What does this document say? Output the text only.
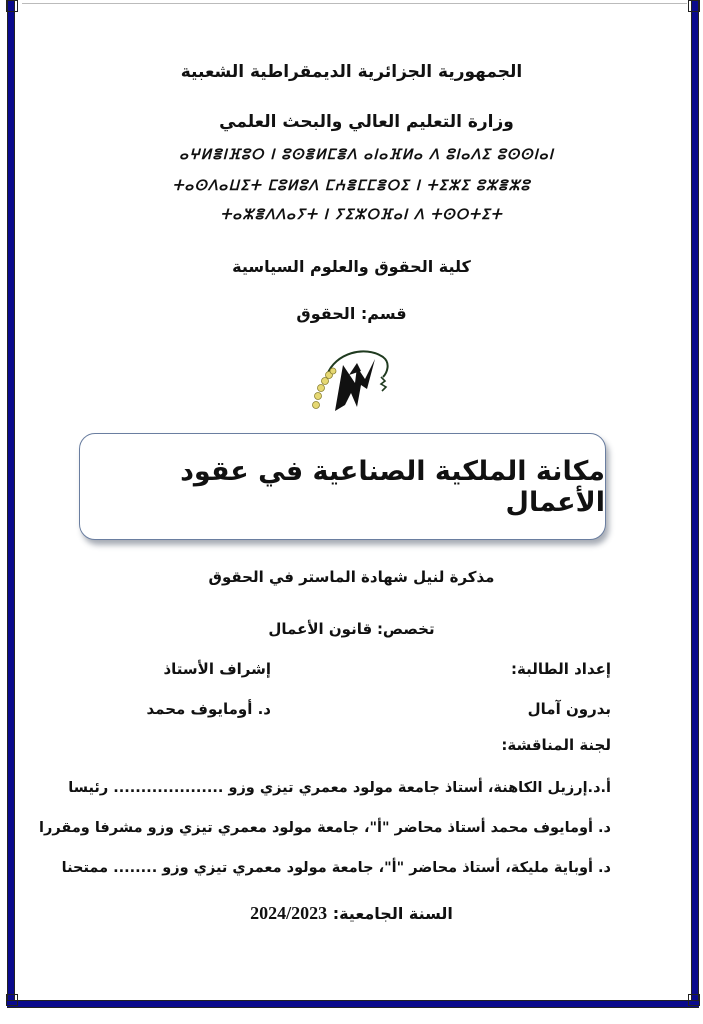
الجمهورية الجزائرية الديمقراطية الشعبية
وزارة التعليم العالي والبحث العلمي
ⴰⵖⵍⴻⵏⴼⵓⵔ ⵏ ⵓⵙⴻⵍⵎⴻⴷ ⴰⵏⴰⴼⵍⴰ ⴷ ⵓⵏⴰⴷⵉ ⵓⵙⵙⵏⴰⵏ
ⵜⴰⵙⴷⴰⵡⵉⵜ ⵎⵓⵍⵓⴷ ⵎⵄⴻⵎⵎⴻⵔⵉ ⵏ ⵜⵉⵣⵉ ⵓⵣⴻⵣⵓ
ⵜⴰⵣⴻⴷⴷⴰⵢⵜ ⵏ ⵢⵉⵣⵔⴼⴰⵏ ⴷ ⵜⵙⵔⵜⵉⵜ
كلية الحقوق والعلوم السياسية
قسم: الحقوق
مكانة الملكية الصناعية في عقود الأعمال
مذكرة لنيل شهادة الماستر في الحقوق
تخصص: قانون الأعمال
إعداد الطالبة:
إشراف الأستاذ
بدرون آمال
د. أومايوف محمد
لجنة المناقشة:
أ.د.إرزيل الكاهنة، أستاذ جامعة مولود معمري تيزي وزو .................... رئيسا
د. أومايوف محمد أستاذ محاضر "أ"، جامعة مولود معمري تيزي وزو مشرفا ومقررا
د. أوباية مليكة، أستاذ محاضر "أ"، جامعة مولود معمري تيزي وزو ........ ممتحنا
السنة الجامعية: 2024/2023
